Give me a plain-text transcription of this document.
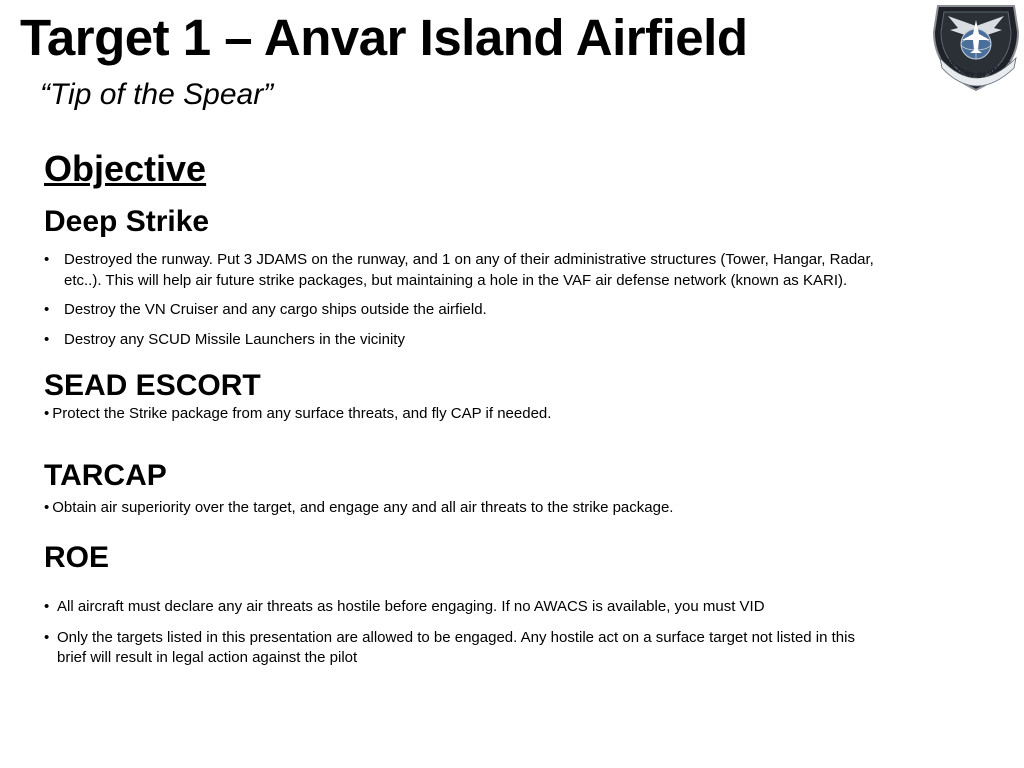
Target 1 – Anvar Island Airfield
“Tip of the Spear”
VICTORY BY VALOR
Objective
Deep Strike
• Destroyed the runway. Put 3 JDAMS on the runway, and 1 on any of their administrative structures (Tower, Hangar, Radar, etc..). This will help air future strike packages, but maintaining a hole in the VAF air defense network (known as KARI).
• Destroy the VN Cruiser and any cargo ships outside the airfield.
• Destroy any SCUD Missile Launchers in the vicinity
SEAD ESCORT

• Protect the Strike package from any surface threats, and fly CAP if needed.

TARCAP

• Obtain air superiority over the target, and engage any and all air threats to the strike package.

ROE
• All aircraft must declare any air threats as hostile before engaging. If no AWACS is available, you must VID
• Only the targets listed in this presentation are allowed to be engaged. Any hostile act on a surface target not listed in this brief will result in legal action against the pilot
